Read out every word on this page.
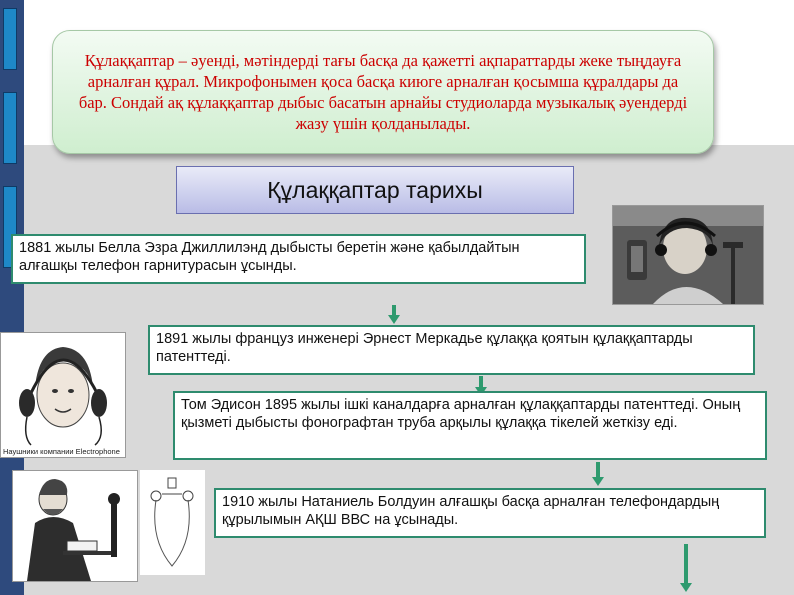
Құлаққаптар – әуенді, мәтіндерді тағы басқа да қажетті ақпараттарды жеке тыңдауға арналған құрал. Микрофонымен қоса басқа киюге арналған қосымша құралдары да бар. Сондай ақ құлаққаптар дыбыс басатын арнайы студиоларда музыкалық әуендерді жазу үшін қолданылады.

Құлаққаптар тарихы

1881 жылы Белла Эзра Джиллилэнд дыбысты беретін және қабылдайтын алғашқы телефон гарнитурасын ұсынды.
Наушники компании Electrophone
1891 жылы француз инженері Эрнест Меркадье құлаққа қоятын құлаққаптарды патенттеді.
Том Эдисон 1895 жылы ішкі каналдарға арналған құлаққаптарды патенттеді. Оның қызметі дыбысты фонографтан труба арқылы құлаққа тікелей жеткізу еді.
1910 жылы Натаниель Болдуин алғашқы басқа арналған телефондардың құрылымын АҚШ ВВС на ұсынады.
